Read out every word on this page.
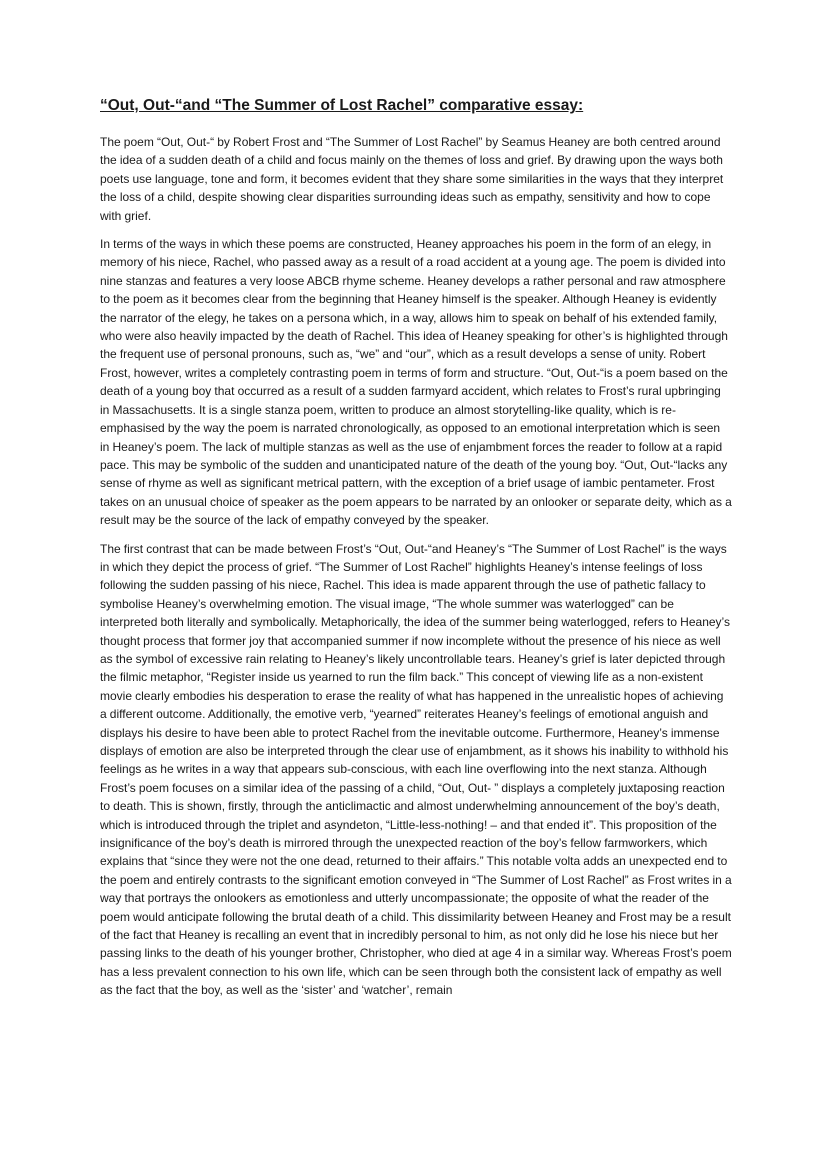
“Out, Out-“and “The Summer of Lost Rachel” comparative essay:

The poem “Out, Out-“ by Robert Frost and “The Summer of Lost Rachel” by Seamus Heaney are both centred around the idea of a sudden death of a child and focus mainly on the themes of loss and grief. By drawing upon the ways both poets use language, tone and form, it becomes evident that they share some similarities in the ways that they interpret the loss of a child, despite showing clear disparities surrounding ideas such as empathy, sensitivity and how to cope with grief.

In terms of the ways in which these poems are constructed, Heaney approaches his poem in the form of an elegy, in memory of his niece, Rachel, who passed away as a result of a road accident at a young age. The poem is divided into nine stanzas and features a very loose ABCB rhyme scheme. Heaney develops a rather personal and raw atmosphere to the poem as it becomes clear from the beginning that Heaney himself is the speaker. Although Heaney is evidently the narrator of the elegy, he takes on a persona which, in a way, allows him to speak on behalf of his extended family, who were also heavily impacted by the death of Rachel. This idea of Heaney speaking for other’s is highlighted through the frequent use of personal pronouns, such as, “we” and “our”, which as a result develops a sense of unity. Robert Frost, however, writes a completely contrasting poem in terms of form and structure. “Out, Out-“is a poem based on the death of a young boy that occurred as a result of a sudden farmyard accident, which relates to Frost’s rural upbringing in Massachusetts. It is a single stanza poem, written to produce an almost storytelling-like quality, which is re-emphasised by the way the poem is narrated chronologically, as opposed to an emotional interpretation which is seen in Heaney’s poem. The lack of multiple stanzas as well as the use of enjambment forces the reader to follow at a rapid pace. This may be symbolic of the sudden and unanticipated nature of the death of the young boy. “Out, Out-“lacks any sense of rhyme as well as significant metrical pattern, with the exception of a brief usage of iambic pentameter. Frost takes on an unusual choice of speaker as the poem appears to be narrated by an onlooker or separate deity, which as a result may be the source of the lack of empathy conveyed by the speaker.

The first contrast that can be made between Frost’s “Out, Out-“and Heaney’s “The Summer of Lost Rachel” is the ways in which they depict the process of grief. “The Summer of Lost Rachel” highlights Heaney’s intense feelings of loss following the sudden passing of his niece, Rachel. This idea is made apparent through the use of pathetic fallacy to symbolise Heaney’s overwhelming emotion. The visual image, “The whole summer was waterlogged” can be interpreted both literally and symbolically. Metaphorically, the idea of the summer being waterlogged, refers to Heaney’s thought process that former joy that accompanied summer if now incomplete without the presence of his niece as well as the symbol of excessive rain relating to Heaney’s likely uncontrollable tears. Heaney’s grief is later depicted through the filmic metaphor, “Register inside us yearned to run the film back.” This concept of viewing life as a non-existent movie clearly embodies his desperation to erase the reality of what has happened in the unrealistic hopes of achieving a different outcome. Additionally, the emotive verb, “yearned” reiterates Heaney’s feelings of emotional anguish and displays his desire to have been able to protect Rachel from the inevitable outcome. Furthermore, Heaney’s immense displays of emotion are also be interpreted through the clear use of enjambment, as it shows his inability to withhold his feelings as he writes in a way that appears sub-conscious, with each line overflowing into the next stanza. Although Frost’s poem focuses on a similar idea of the passing of a child, “Out, Out- ” displays a completely juxtaposing reaction to death. This is shown, firstly, through the anticlimactic and almost underwhelming announcement of the boy’s death, which is introduced through the triplet and asyndeton, “Little-less-nothing! – and that ended it”. This proposition of the insignificance of the boy’s death is mirrored through the unexpected reaction of the boy’s fellow farmworkers, which explains that “since they were not the one dead, returned to their affairs.” This notable volta adds an unexpected end to the poem and entirely contrasts to the significant emotion conveyed in “The Summer of Lost Rachel” as Frost writes in a way that portrays the onlookers as emotionless and utterly uncompassionate; the opposite of what the reader of the poem would anticipate following the brutal death of a child. This dissimilarity between Heaney and Frost may be a result of the fact that Heaney is recalling an event that in incredibly personal to him, as not only did he lose his niece but her passing links to the death of his younger brother, Christopher, who died at age 4 in a similar way. Whereas Frost’s poem has a less prevalent connection to his own life, which can be seen through both the consistent lack of empathy as well as the fact that the boy, as well as the ‘sister’ and ‘watcher’, remain
